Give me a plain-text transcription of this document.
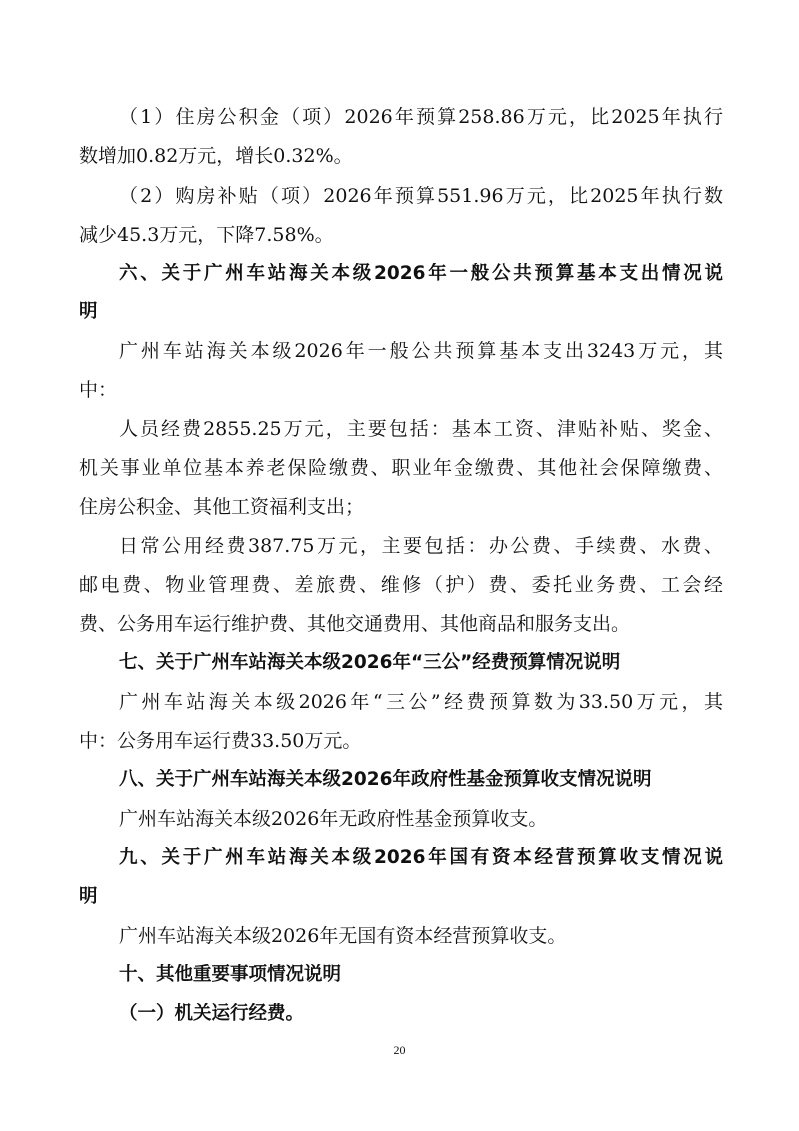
（1）住房公积金（项）2026年预算258.86万元，比2025年执行
数增加0.82万元，增长0.32%。
（2）购房补贴（项）2026年预算551.96万元，比2025年执行数
减少45.3万元，下降7.58%。
六、关于广州车站海关本级2026年一般公共预算基本支出情况说
明
广州车站海关本级2026年一般公共预算基本支出3243万元，其
中：
人员经费2855.25万元，主要包括：基本工资、津贴补贴、奖金、
机关事业单位基本养老保险缴费、职业年金缴费、其他社会保障缴费、
住房公积金、其他工资福利支出；
日常公用经费387.75万元，主要包括：办公费、手续费、水费、
邮电费、物业管理费、差旅费、维修（护）费、委托业务费、工会经
费、公务用车运行维护费、其他交通费用、其他商品和服务支出。
七、关于广州车站海关本级2026年“三公”经费预算情况说明
广州车站海关本级2026年“三公”经费预算数为33.50万元，其
中：公务用车运行费33.50万元。
八、关于广州车站海关本级2026年政府性基金预算收支情况说明
广州车站海关本级2026年无政府性基金预算收支。
九、关于广州车站海关本级2026年国有资本经营预算收支情况说
明
广州车站海关本级2026年无国有资本经营预算收支。
十、其他重要事项情况说明
（一）机关运行经费。
20
